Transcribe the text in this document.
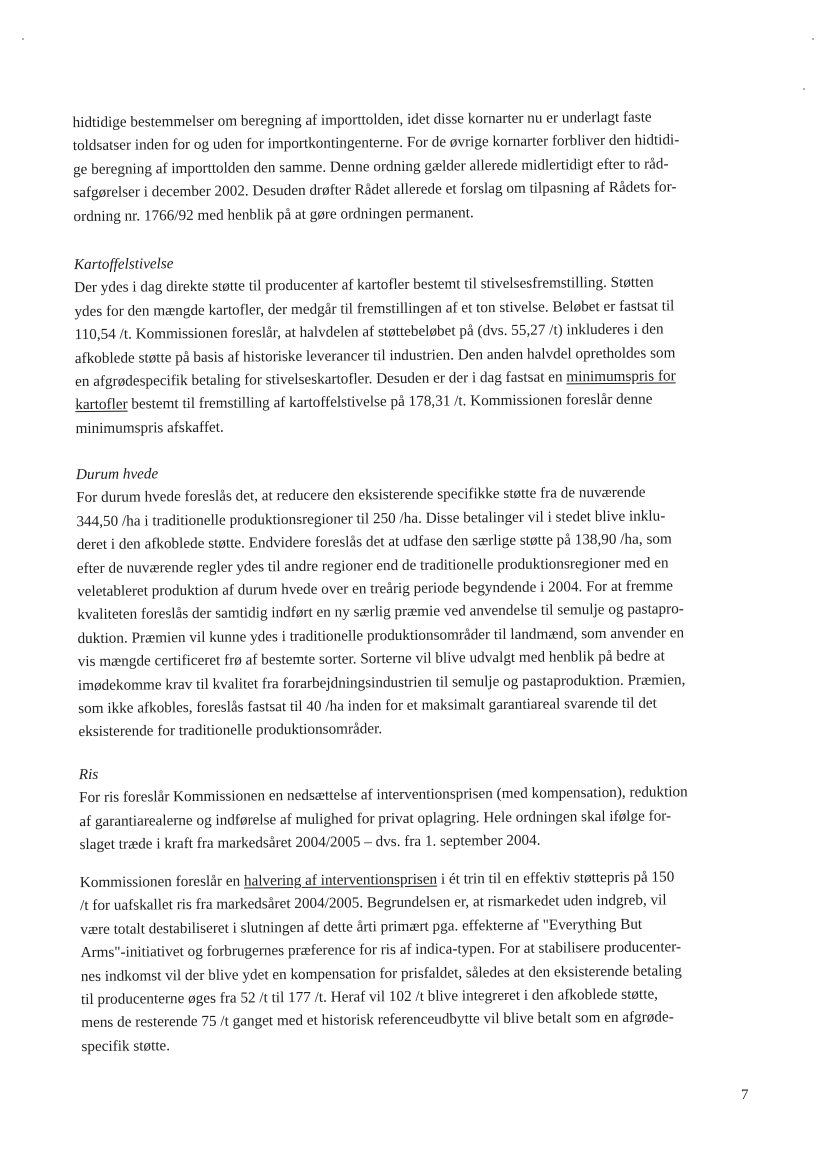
hidtidige bestemmelser om beregning af importtolden, idet disse kornarter nu er underlagt faste
toldsatser inden for og uden for importkontingenterne. For de øvrige kornarter forbliver den hidtidi-
ge beregning af importtolden den samme. Denne ordning gælder allerede midlertidigt efter to råd-
safgørelser i december 2002. Desuden drøfter Rådet allerede et forslag om tilpasning af Rådets for-
ordning nr. 1766/92 med henblik på at gøre ordningen permanent.
Kartoffelstivelse
Der ydes i dag direkte støtte til producenter af kartofler bestemt til stivelsesfremstilling. Støtten
ydes for den mængde kartofler, der medgår til fremstillingen af et ton stivelse. Beløbet er fastsat til
110,54 /t. Kommissionen foreslår, at halvdelen af støttebeløbet på (dvs. 55,27 /t) inkluderes i den
afkoblede støtte på basis af historiske leverancer til industrien. Den anden halvdel opretholdes som
en afgrødespecifik betaling for stivelseskartofler. Desuden er der i dag fastsat en minimumspris for
kartofler bestemt til fremstilling af kartoffelstivelse på 178,31 /t. Kommissionen foreslår denne
minimumspris afskaffet.
Durum hvede
For durum hvede foreslås det, at reducere den eksisterende specifikke støtte fra de nuværende
344,50 /ha i traditionelle produktionsregioner til 250 /ha. Disse betalinger vil i stedet blive inklu-
deret i den afkoblede støtte. Endvidere foreslås det at udfase den særlige støtte på 138,90 /ha, som
efter de nuværende regler ydes til andre regioner end de traditionelle produktionsregioner med en
veletableret produktion af durum hvede over en treårig periode begyndende i 2004. For at fremme
kvaliteten foreslås der samtidig indført en ny særlig præmie ved anvendelse til semulje og pastapro-
duktion. Præmien vil kunne ydes i traditionelle produktionsområder til landmænd, som anvender en
vis mængde certificeret frø af bestemte sorter. Sorterne vil blive udvalgt med henblik på bedre at
imødekomme krav til kvalitet fra forarbejdningsindustrien til semulje og pastaproduktion. Præmien,
som ikke afkobles, foreslås fastsat til 40 /ha inden for et maksimalt garantiareal svarende til det
eksisterende for traditionelle produktionsområder.
Ris
For ris foreslår Kommissionen en nedsættelse af interventionsprisen (med kompensation), reduktion
af garantiarealerne og indførelse af mulighed for privat oplagring. Hele ordningen skal ifølge for-
slaget træde i kraft fra markedsåret 2004/2005 – dvs. fra 1. september 2004.
Kommissionen foreslår en halvering af interventionsprisen i ét trin til en effektiv støttepris på 150
/t for uafskallet ris fra markedsåret 2004/2005. Begrundelsen er, at rismarkedet uden indgreb, vil
være totalt destabiliseret i slutningen af dette årti primært pga. effekterne af "Everything But
Arms"-initiativet og forbrugernes præference for ris af indica-typen. For at stabilisere producenter-
nes indkomst vil der blive ydet en kompensation for prisfaldet, således at den eksisterende betaling
til producenterne øges fra 52 /t til 177 /t. Heraf vil 102 /t blive integreret i den afkoblede støtte,
mens de resterende 75 /t ganget med et historisk referenceudbytte vil blive betalt som en afgrøde-
specifik støtte.
7
